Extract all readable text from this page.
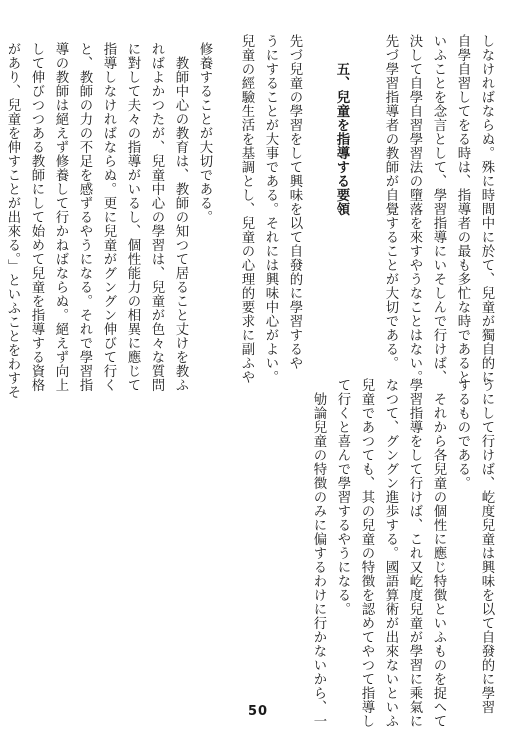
しなければならぬ。殊に時間中に於て、兒童が獨自的に
自學自習してをる時は、指導者の最も多忙な時であると
いふことを念言として、學習指導にいそしんで行けば、
決して自學自習學習法の墮落を來すやうなことはない。
先づ學習指導者の教師が自覺することが大切である。

　　五、兒童を指導する要領

先づ兒童の學習をして興味を以て自發的に學習するや
うにすることが大事である。それには興味中心がよい。
兒童の經驗生活を基調とし、兒童の心理的要求に副ふや
うにして行けば、屹度兒童は興味を以て自發的に學習
するものである。
　それから各兒童の個性に應じ特徴といふものを捉へて
學習指導をして行けば、これ又屹度兒童が學習に乘氣に
なつて、グングン進歩する。國語算術が出來ないといふ
兒童であつても、其の兒童の特徴を認めてやつて指導し
て行くと喜んで學習するやうになる。
　劬論兒童の特徴のみに偏するわけに行かないから、一
修養することが大切である。
　教師中心の教育は、教師の知つて居ること丈けを教ふ
ればよかつたが、兒童中心の學習は、兒童が色々な質問
に對して夫々の指導がいるし、個性能力の相異に應じて
指導しなければならぬ。更に兒童がグングン伸びて行く
と、教師の力の不足を感ずるやうになる。それで學習指
導の教師は絕えず修養して行かねばならぬ。絕えず向上
して伸びつつある教師にして始めて兒童を指導する資格
があり、兒童を伸すことが出來る。」といふことをわすそ
50
